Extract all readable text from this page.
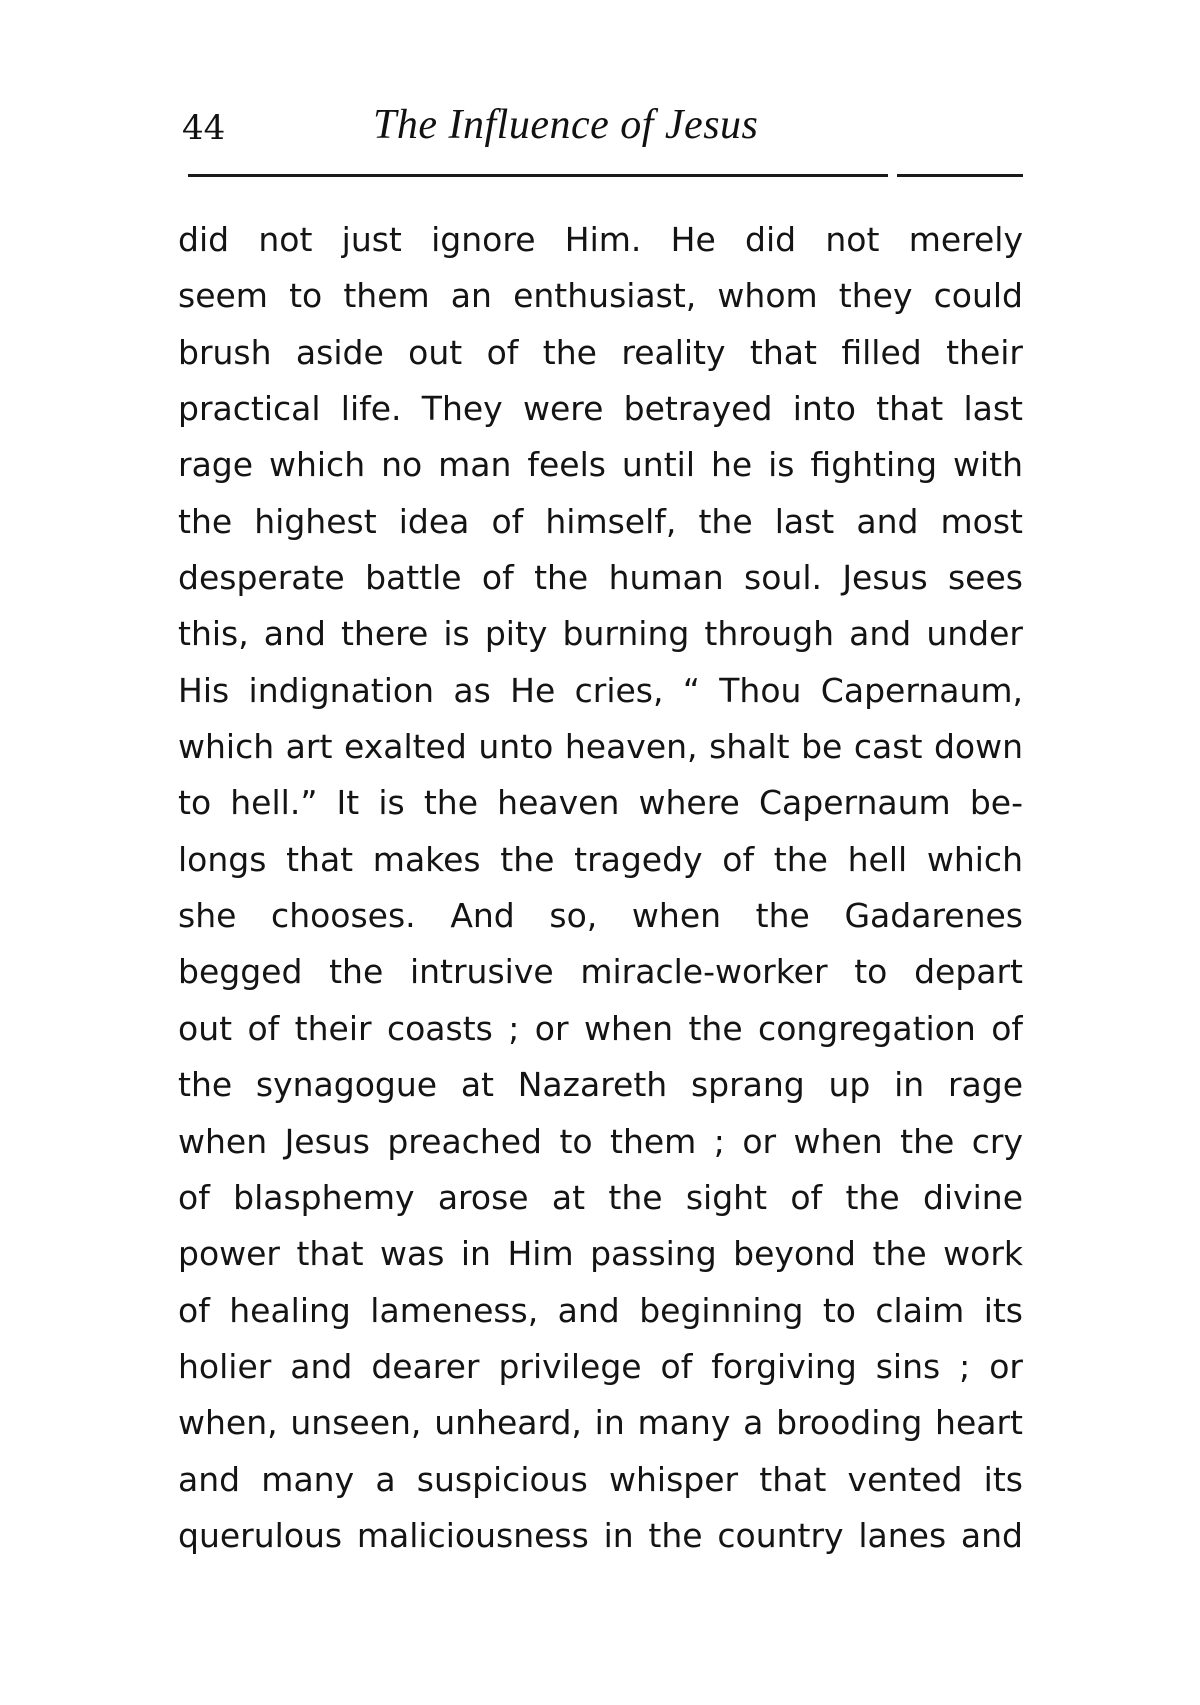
44	The Influence of Jesus
did not just ignore Him. He did not merely
seem to them an enthusiast, whom they could
brush aside out of the reality that filled their
practical life. They were betrayed into that last
rage which no man feels until he is fighting with
the highest idea of himself, the last and most
desperate battle of the human soul. Jesus sees
this, and there is pity burning through and under
His indignation as He cries, “ Thou Capernaum,
which art exalted unto heaven, shalt be cast down
to hell.” It is the heaven where Capernaum be-
longs that makes the tragedy of the hell which
she chooses. And so, when the Gadarenes
begged the intrusive miracle-worker to depart
out of their coasts ; or when the congregation of
the synagogue at Nazareth sprang up in rage
when Jesus preached to them ; or when the cry
of blasphemy arose at the sight of the divine
power that was in Him passing beyond the work
of healing lameness, and beginning to claim its
holier and dearer privilege of forgiving sins ; or
when, unseen, unheard, in many a brooding heart
and many a suspicious whisper that vented its
querulous maliciousness in the country lanes and
